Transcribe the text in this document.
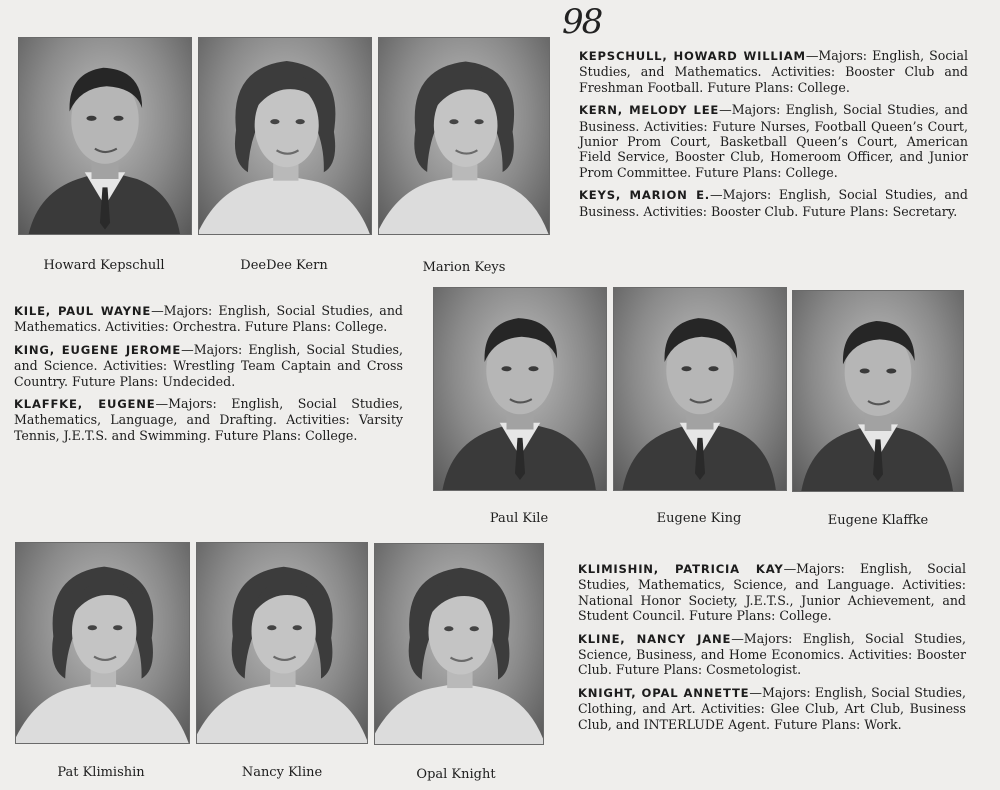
98
Howard Kepschull	DeeDee Kern	Marion Keys

KEPSCHULL, HOWARD WILLIAM—Majors: English, Social Studies, and Mathematics. Activities: Booster Club and Freshman Football. Future Plans: College.

KERN, MELODY LEE—Majors: English, Social Studies, and Business. Activities: Future Nurses, Football Queen’s Court, Junior Prom Court, Basketball Queen’s Court, American Field Service, Booster Club, Homeroom Officer, and Junior Prom Committee. Future Plans: College.

KEYS, MARION E.—Majors: English, Social Studies, and Business. Activities: Booster Club. Future Plans: Secretary.

KILE, PAUL WAYNE—Majors: English, Social Studies, and Mathematics. Activities: Orchestra. Future Plans: College.

KING, EUGENE JEROME—Majors: English, Social Studies, and Science. Activities: Wrestling Team Captain and Cross Country. Future Plans: Undecided.

KLAFFKE, EUGENE—Majors: English, Social Studies, Mathematics, Language, and Drafting. Activities: Varsity Tennis, J.E.T.S. and Swimming. Future Plans: College.

Paul Kile	Eugene King	Eugene Klaffke
Pat Klimishin	Nancy Kline	Opal Knight

KLIMISHIN, PATRICIA KAY—Majors: English, Social Studies, Mathematics, Science, and Language. Activities: National Honor Society, J.E.T.S., Junior Achievement, and Student Council. Future Plans: College.

KLINE, NANCY JANE—Majors: English, Social Studies, Science, Business, and Home Economics. Activities: Booster Club. Future Plans: Cosmetologist.

KNIGHT, OPAL ANNETTE—Majors: English, Social Studies, Clothing, and Art. Activities: Glee Club, Art Club, Business Club, and INTERLUDE Agent. Future Plans: Work.
